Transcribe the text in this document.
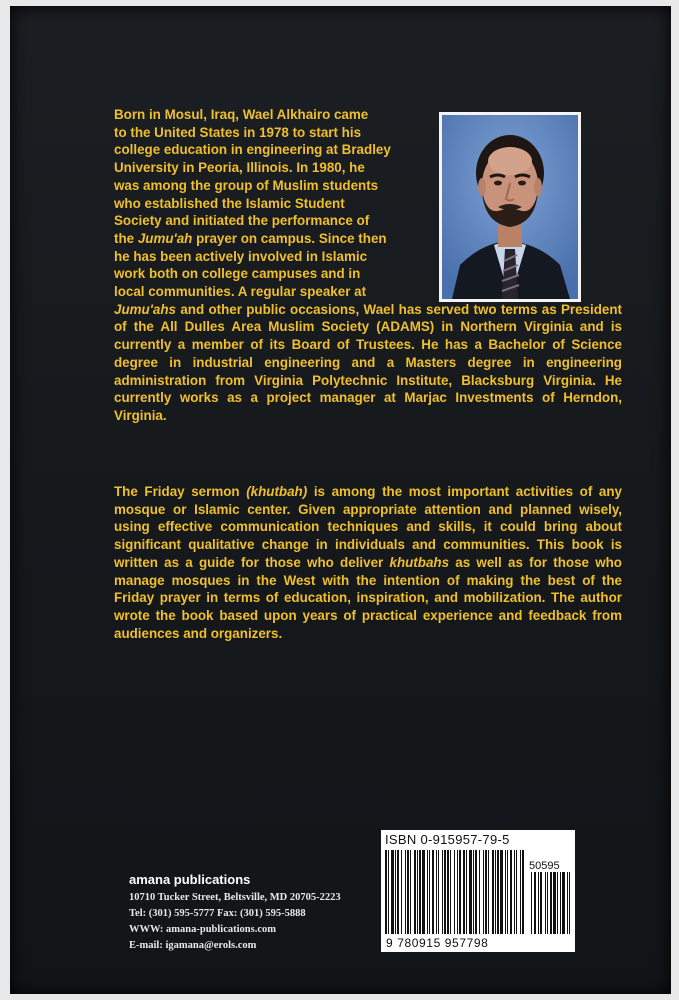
Born in Mosul, Iraq, Wael Alkhairo came
to the United States in 1978 to start his
college education in engineering at Bradley
University in Peoria, Illinois. In 1980, he
was among the group of Muslim students
who established the Islamic Student
Society and initiated the performance of
the Jumu'ah prayer on campus. Since then
he has been actively involved in Islamic
work both on college campuses and in
local communities. A regular speaker at
Jumu'ahs and other public occasions, Wael has served two terms as President of the All Dulles Area Muslim Society (ADAMS) in Northern Virginia and is currently a member of its Board of Trustees. He has a Bachelor of Science degree in industrial engineering and a Masters degree in engineering administration from Virginia Polytechnic Institute, Blacksburg Virginia. He currently works as a project manager at Marjac Investments of Herndon, Virginia.
The Friday sermon (khutbah) is among the most important activities of any mosque or Islamic center. Given appropriate attention and planned wisely, using effective communication techniques and skills, it could bring about significant qualitative change in individuals and communities. This book is written as a guide for those who deliver khutbahs as well as for those who manage mosques in the West with the intention of making the best of the Friday prayer in terms of education, inspiration, and mobilization. The author wrote the book based upon years of practical experience and feedback from audiences and organizers.
amana publications
10710 Tucker Street, Beltsville, MD 20705-2223
Tel: (301) 595-5777 Fax: (301) 595-5888
WWW: amana-publications.com
E-mail: igamana@erols.com
ISBN 0-915957-79-5
50595
9 780915 957798
